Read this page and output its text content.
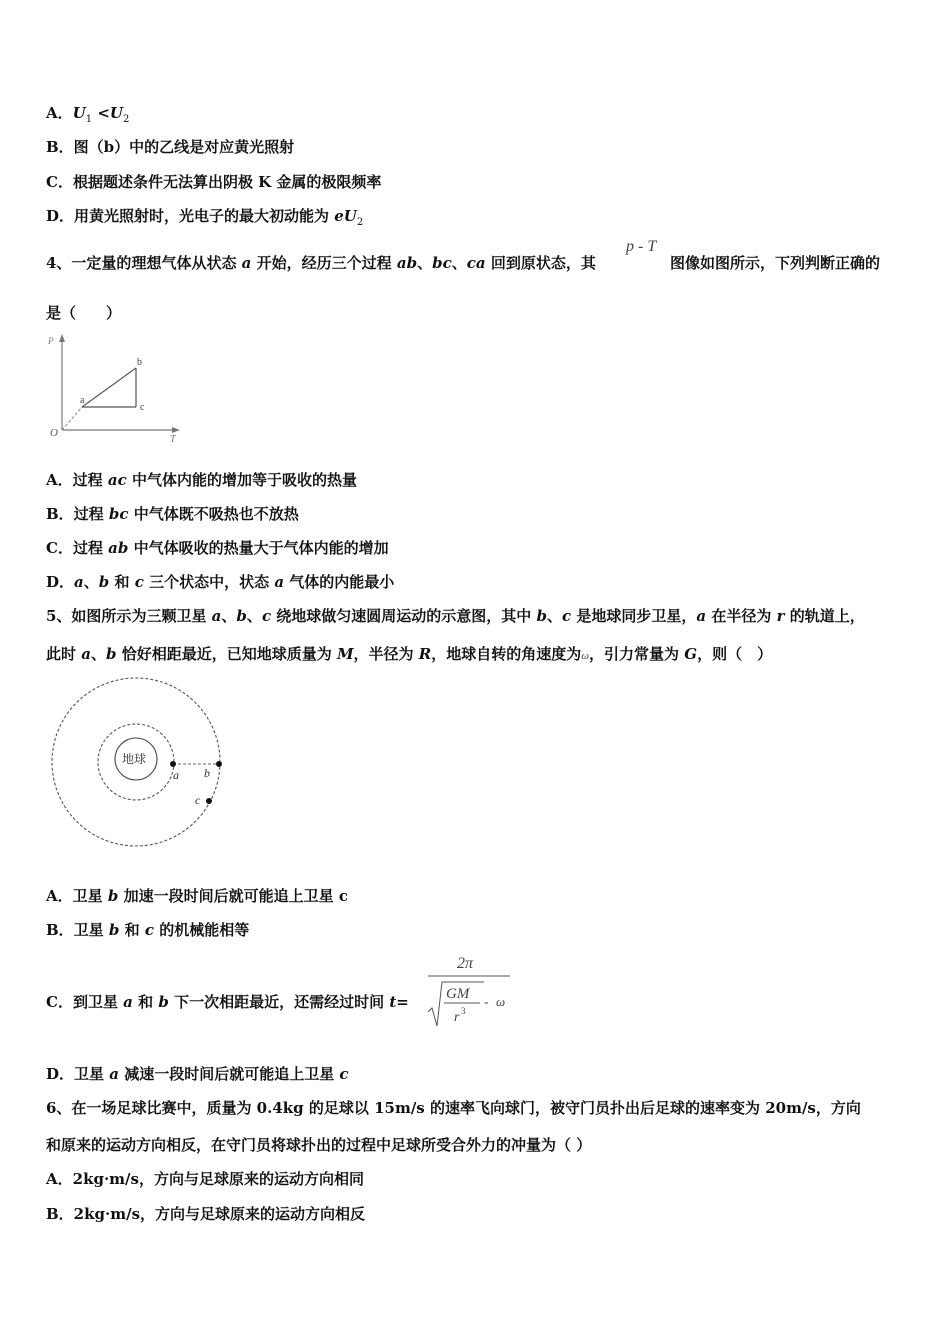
A．$U_1 <U_2$
B．图（b）中的乙线是对应黄光照射
C．根据题述条件无法算出阴极 K 金属的极限频率
D．用黄光照射时，光电子的最大初动能为 $eU_2$
4、一定量的理想气体从状态 a 开始，经历三个过程 ab、bc、ca 回到原状态，其
p - T
图像如图所示，下列判断正确的
是（　　）
P
O
T
a
b
c
A．过程 ac 中气体内能的增加等于吸收的热量
B．过程 bc 中气体既不吸热也不放热
C．过程 ab 中气体吸收的热量大于气体内能的增加
D．a、b 和 c 三个状态中，状态 a 气体的内能最小
5、如图所示为三颗卫星 a、b、c 绕地球做匀速圆周运动的示意图，其中 b、c 是地球同步卫星，a 在半径为 r 的轨道上，
此时 a、b 恰好相距最近，已知地球质量为 M，半径为 R，地球自转的角速度为ω，引力常量为 G，则（　）
地球
a b
c
A．卫星 b 加速一段时间后就可能追上卫星 c
B．卫星 b 和 c 的机械能相等
C．到卫星 a 和 b 下一次相距最近，还需经过时间 t=
2π
GM
r 3
- ω
D．卫星 a 减速一段时间后就可能追上卫星 c
6、在一场足球比赛中，质量为 0.4kg 的足球以 15m/s 的速率飞向球门，被守门员扑出后足球的速率变为 20m/s，方向
和原来的运动方向相反，在守门员将球扑出的过程中足球所受合外力的冲量为（ ）
A．2kg·m/s，方向与足球原来的运动方向相同
B．2kg·m/s，方向与足球原来的运动方向相反
